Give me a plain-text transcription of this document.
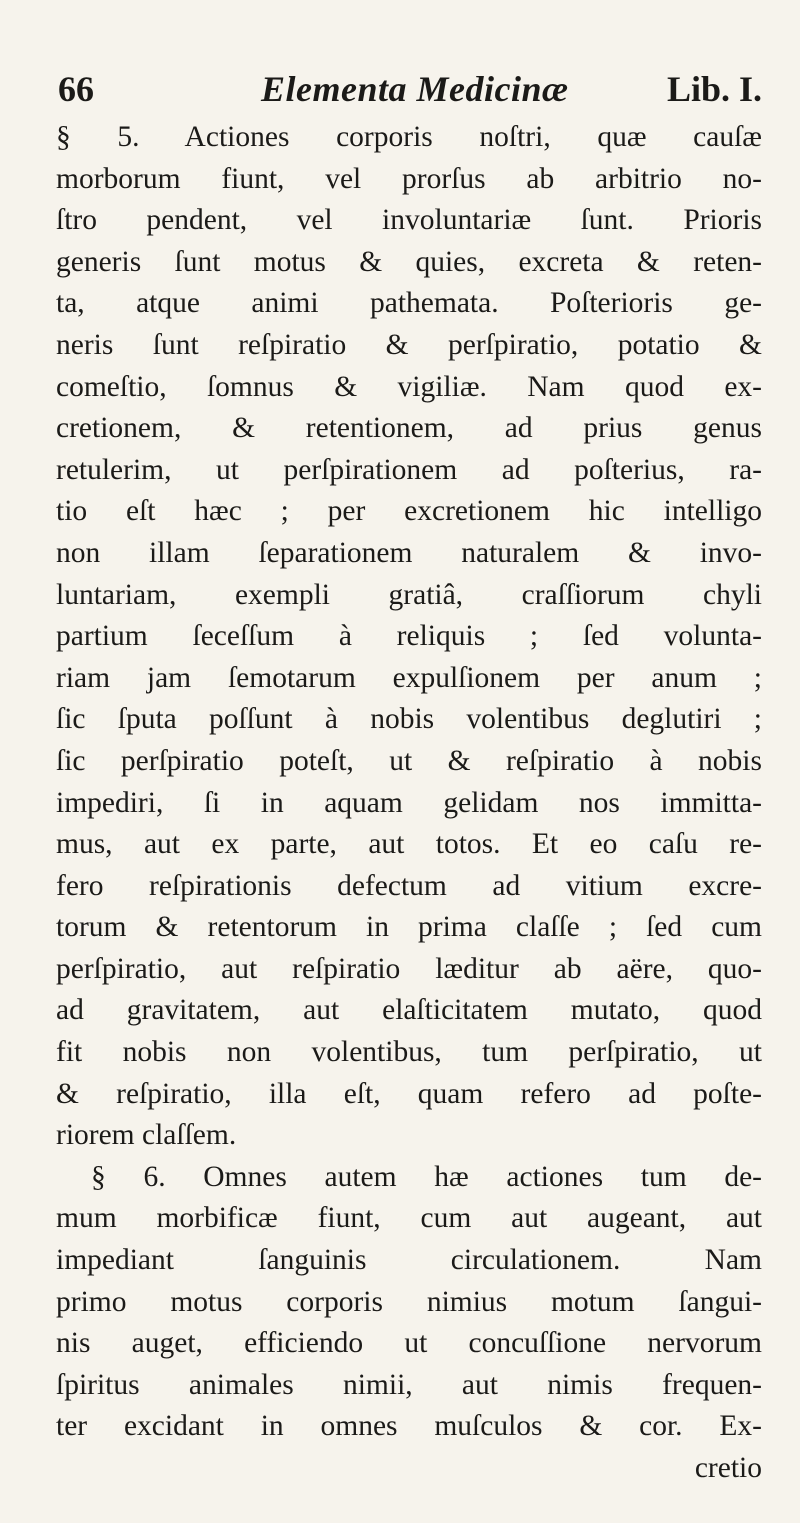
66	Elementa Medicinæ	Lib. I.
§ 5. Actiones corporis noſtri, quæ cauſæ
morborum fiunt, vel prorſus ab arbitrio no-
ſtro pendent, vel involuntariæ ſunt. Prioris
generis ſunt motus & quies, excreta & reten-
ta, atque animi pathemata. Poſterioris ge-
neris ſunt reſpiratio & perſpiratio, potatio &
comeſtio, ſomnus & vigiliæ. Nam quod ex-
cretionem, & retentionem, ad prius genus
retulerim, ut perſpirationem ad poſterius, ra-
tio eſt hæc ; per excretionem hic intelligo
non illam ſeparationem naturalem & invo-
luntariam, exempli gratiâ, craſſiorum chyli
partium ſeceſſum à reliquis ; ſed volunta-
riam jam ſemotarum expulſionem per anum ;
ſic ſputa poſſunt à nobis volentibus deglutiri ;
ſic perſpiratio poteſt, ut & reſpiratio à nobis
impediri, ſi in aquam gelidam nos immitta-
mus, aut ex parte, aut totos. Et eo caſu re-
fero reſpirationis defectum ad vitium excre-
torum & retentorum in prima claſſe ; ſed cum
perſpiratio, aut reſpiratio læditur ab aëre, quo-
ad gravitatem, aut elaſticitatem mutato, quod
fit nobis non volentibus, tum perſpiratio, ut
& reſpiratio, illa eſt, quam refero ad poſte-
riorem claſſem.
§ 6. Omnes autem hæ actiones tum de-
mum morbificæ fiunt, cum aut augeant, aut
impediant ſanguinis circulationem. Nam
primo motus corporis nimius motum ſangui-
nis auget, efficiendo ut concuſſione nervorum
ſpiritus animales nimii, aut nimis frequen-
ter excidant in omnes muſculos & cor. Ex-
cretio
